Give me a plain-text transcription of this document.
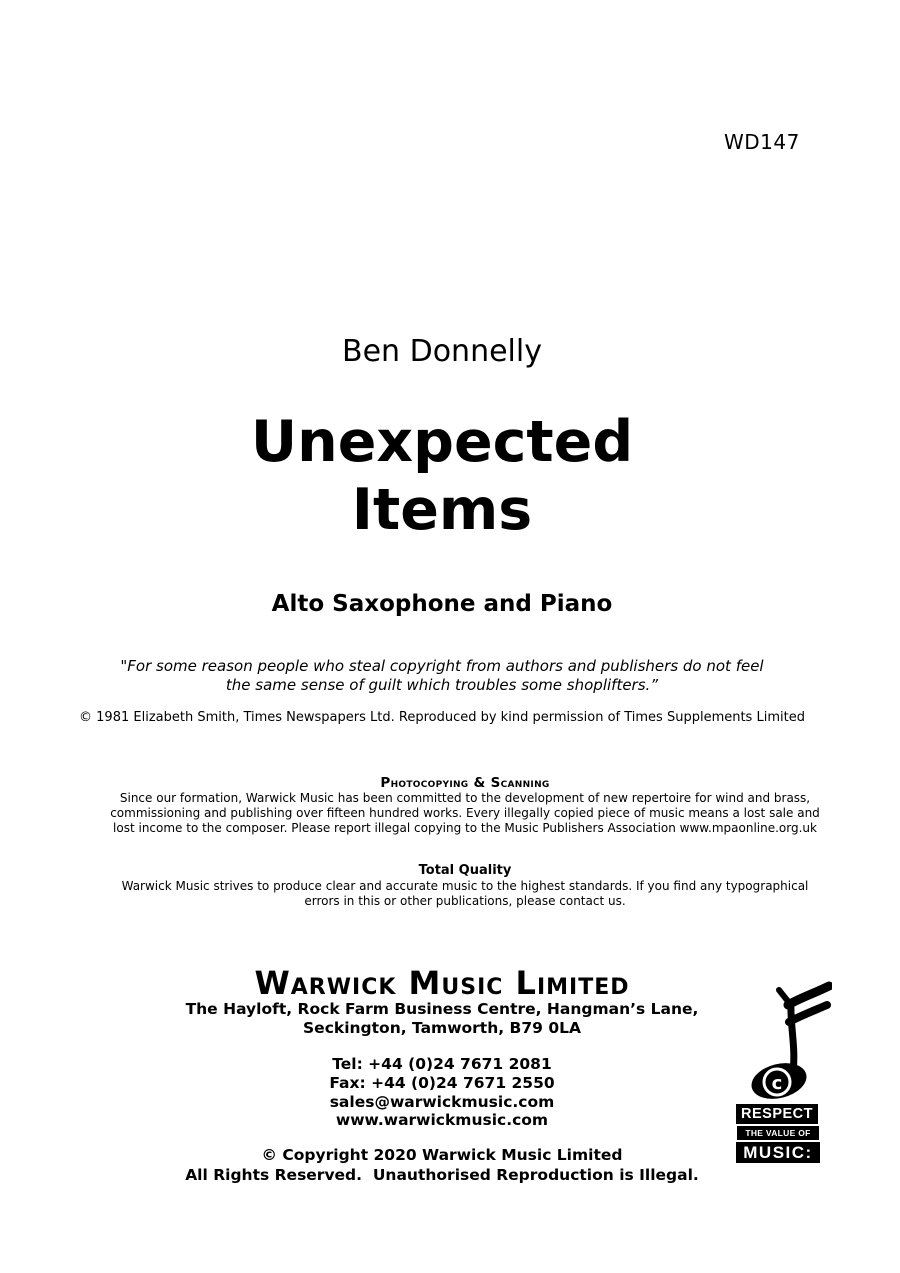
WD147
Ben Donnelly
Unexpected
Items
Alto Saxophone and Piano
"For some reason people who steal copyright from authors and publishers do not feel
the same sense of guilt which troubles some shoplifters.”
© 1981 Elizabeth Smith, Times Newspapers Ltd. Reproduced by kind permission of Times Supplements Limited
Photocopying & Scanning
Since our formation, Warwick Music has been committed to the development of new repertoire for wind and brass,
commissioning and publishing over fifteen hundred works. Every illegally copied piece of music means a lost sale and
lost income to the composer. Please report illegal copying to the Music Publishers Association www.mpaonline.org.uk
Total Quality
Warwick Music strives to produce clear and accurate music to the highest standards. If you find any typographical
errors in this or other publications, please contact us.
Warwick Music Limited
The Hayloft, Rock Farm Business Centre, Hangman’s Lane,
Seckington, Tamworth, B79 0LA
Tel: +44 (0)24 7671 2081
Fax: +44 (0)24 7671 2550
sales@warwickmusic.com
www.warwickmusic.com
© Copyright 2020 Warwick Music Limited
All Rights Reserved.  Unauthorised Reproduction is Illegal.
c
RESPECT
THE VALUE OF
MUSIC:
